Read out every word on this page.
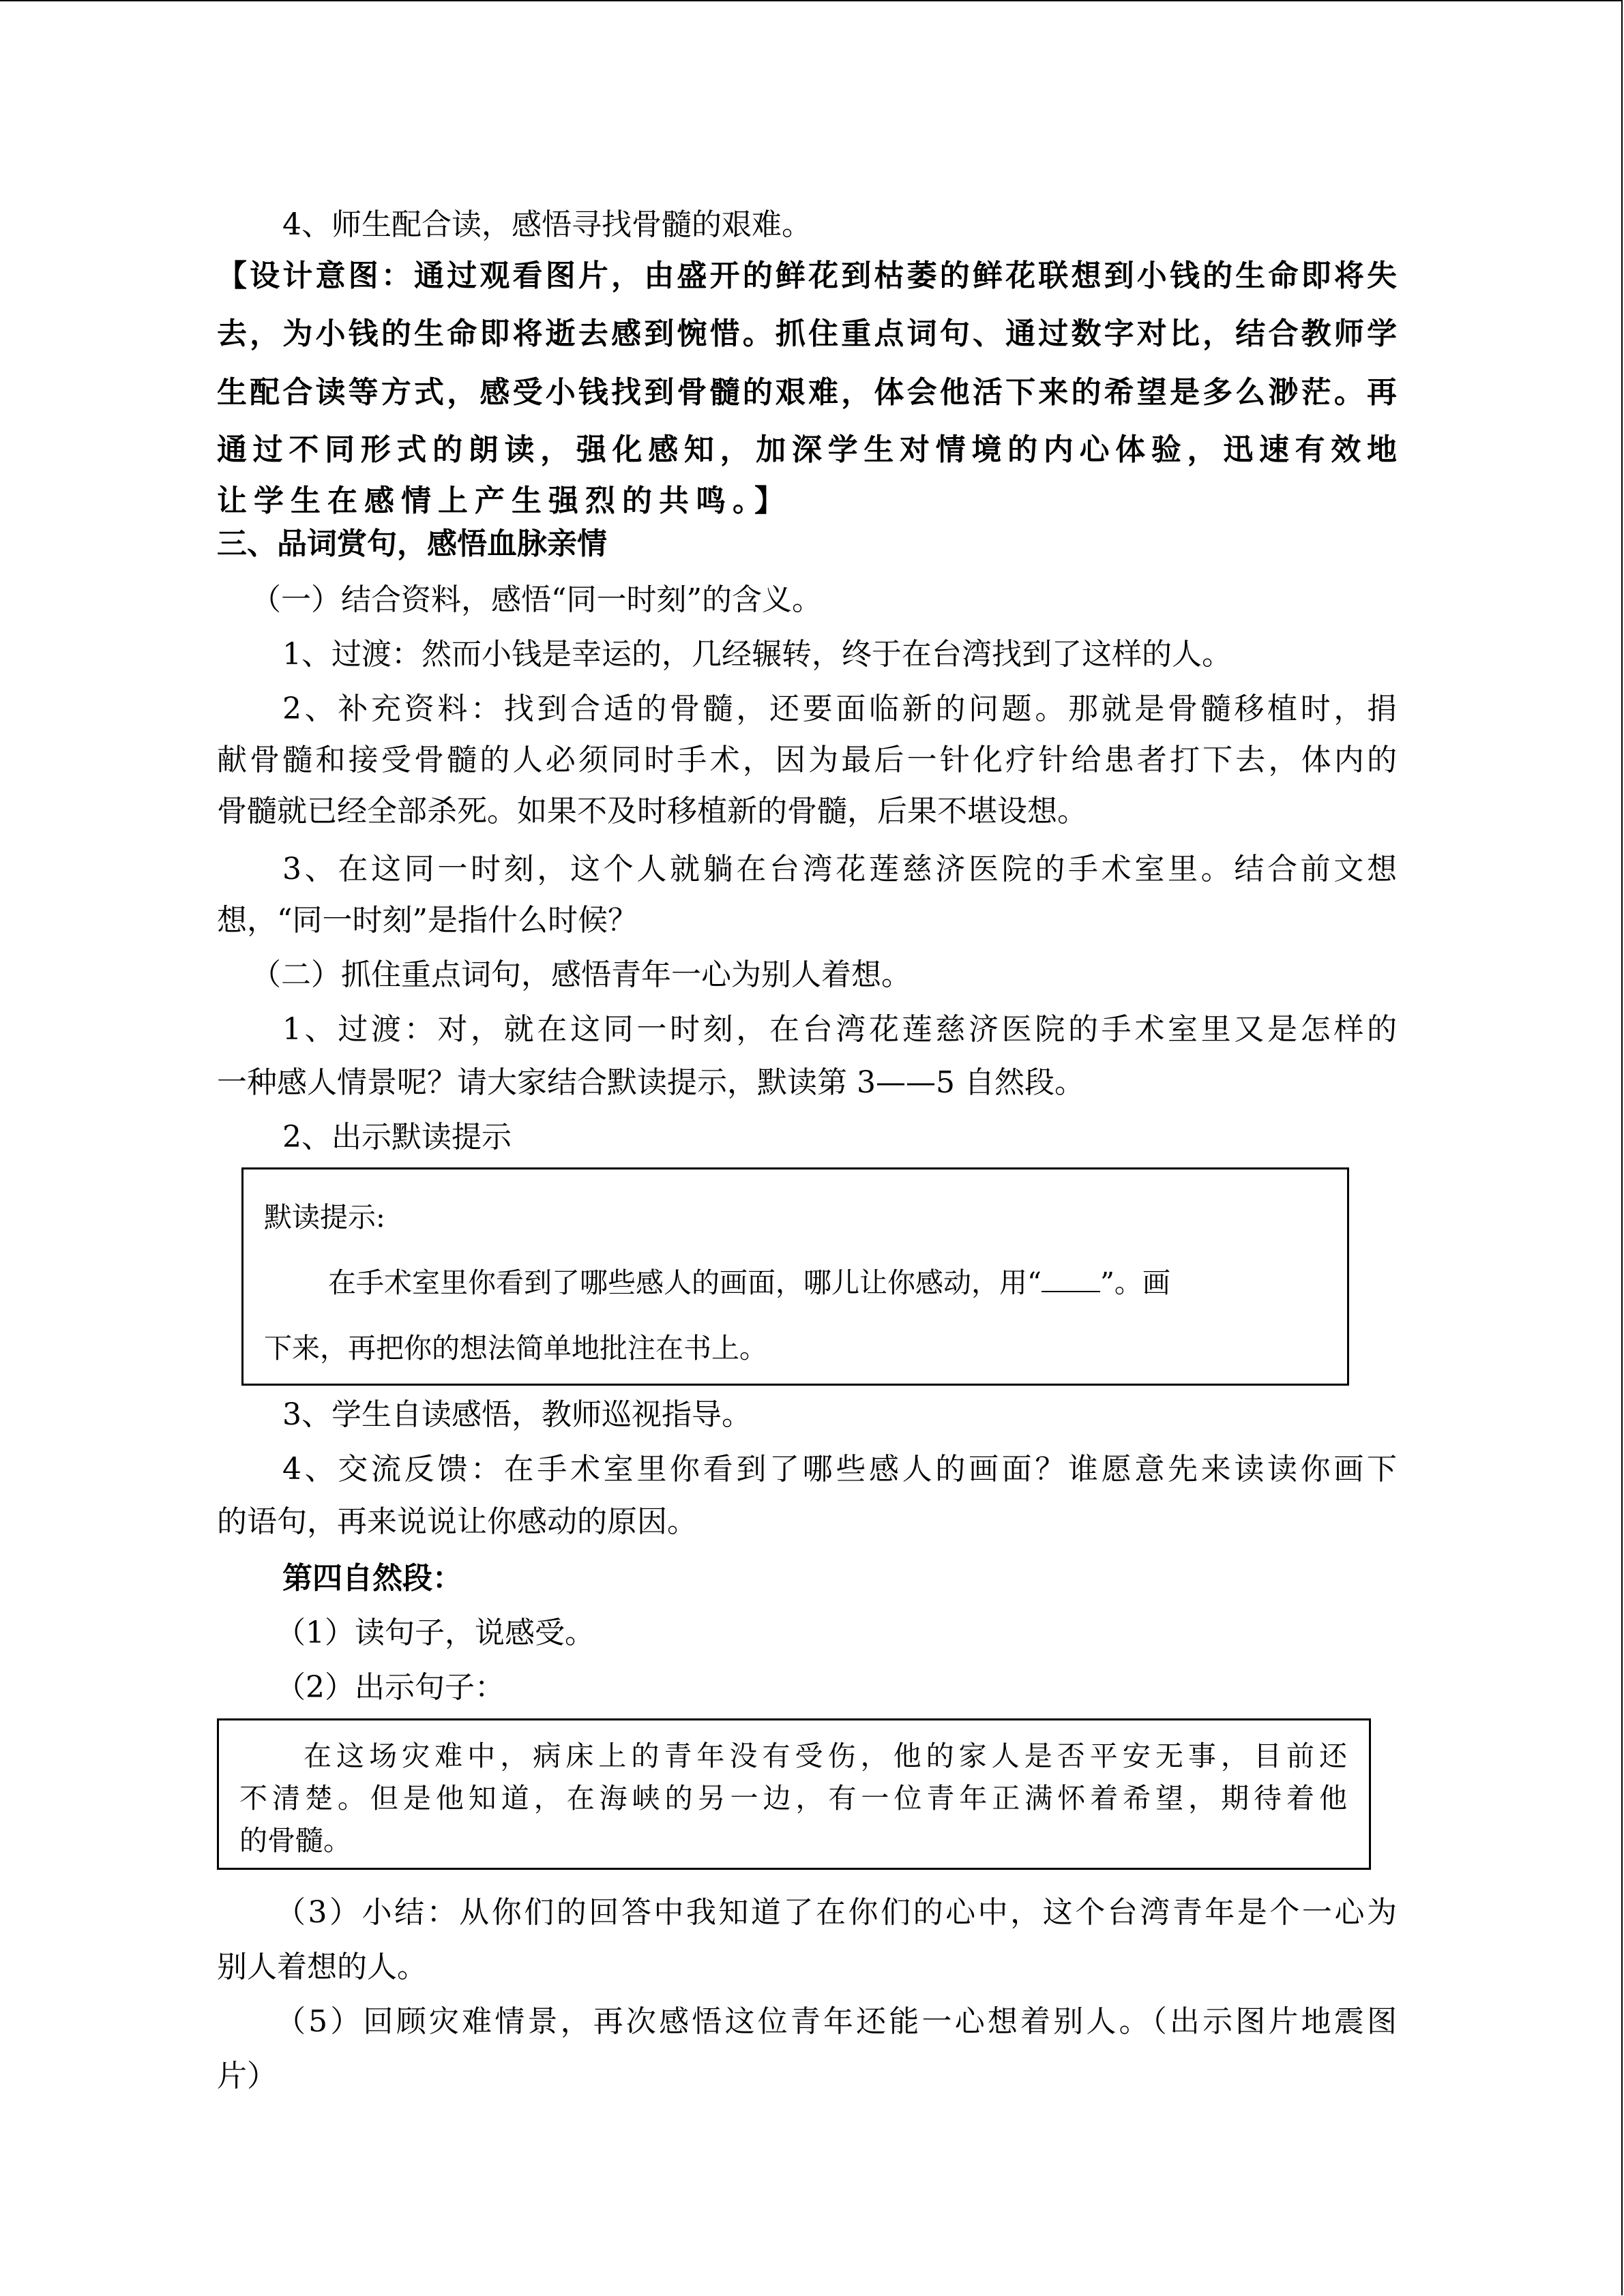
4、师生配合读，感悟寻找骨髓的艰难。
【设计意图：通过观看图片，由盛开的鲜花到枯萎的鲜花联想到小钱的生命即将失
去，为小钱的生命即将逝去感到惋惜。抓住重点词句、通过数字对比，结合教师学
生配合读等方式，感受小钱找到骨髓的艰难，体会他活下来的希望是多么渺茫。再
通过不同形式的朗读，强化感知，加深学生对情境的内心体验，迅速有效地
让学生在感情上产生强烈的共鸣。】
三、品词赏句，感悟血脉亲情
（一）结合资料，感悟“同一时刻”的含义。
1、过渡：然而小钱是幸运的，几经辗转，终于在台湾找到了这样的人。
2、补充资料：找到合适的骨髓，还要面临新的问题。那就是骨髓移植时，捐
献骨髓和接受骨髓的人必须同时手术，因为最后一针化疗针给患者打下去，体内的
骨髓就已经全部杀死。如果不及时移植新的骨髓，后果不堪设想。
3、在这同一时刻，这个人就躺在台湾花莲慈济医院的手术室里。结合前文想
想，“同一时刻”是指什么时候？
（二）抓住重点词句，感悟青年一心为别人着想。
1、过渡：对，就在这同一时刻，在台湾花莲慈济医院的手术室里又是怎样的
一种感人情景呢？请大家结合默读提示，默读第 3——5 自然段。
2、出示默读提示
默读提示:
在手术室里你看到了哪些感人的画面，哪儿让你感动，用“ ”。画
下来，再把你的想法简单地批注在书上。
3、学生自读感悟，教师巡视指导。
4、交流反馈：在手术室里你看到了哪些感人的画面？谁愿意先来读读你画下
的语句，再来说说让你感动的原因。
第四自然段：
（1）读句子，说感受。
（2）出示句子：
在这场灾难中，病床上的青年没有受伤，他的家人是否平安无事，目前还
不清楚。但是他知道，在海峡的另一边，有一位青年正满怀着希望，期待着他
的骨髓。
（3）小结：从你们的回答中我知道了在你们的心中，这个台湾青年是个一心为
别人着想的人。
（5）回顾灾难情景，再次感悟这位青年还能一心想着别人。（出示图片地震图
片）
